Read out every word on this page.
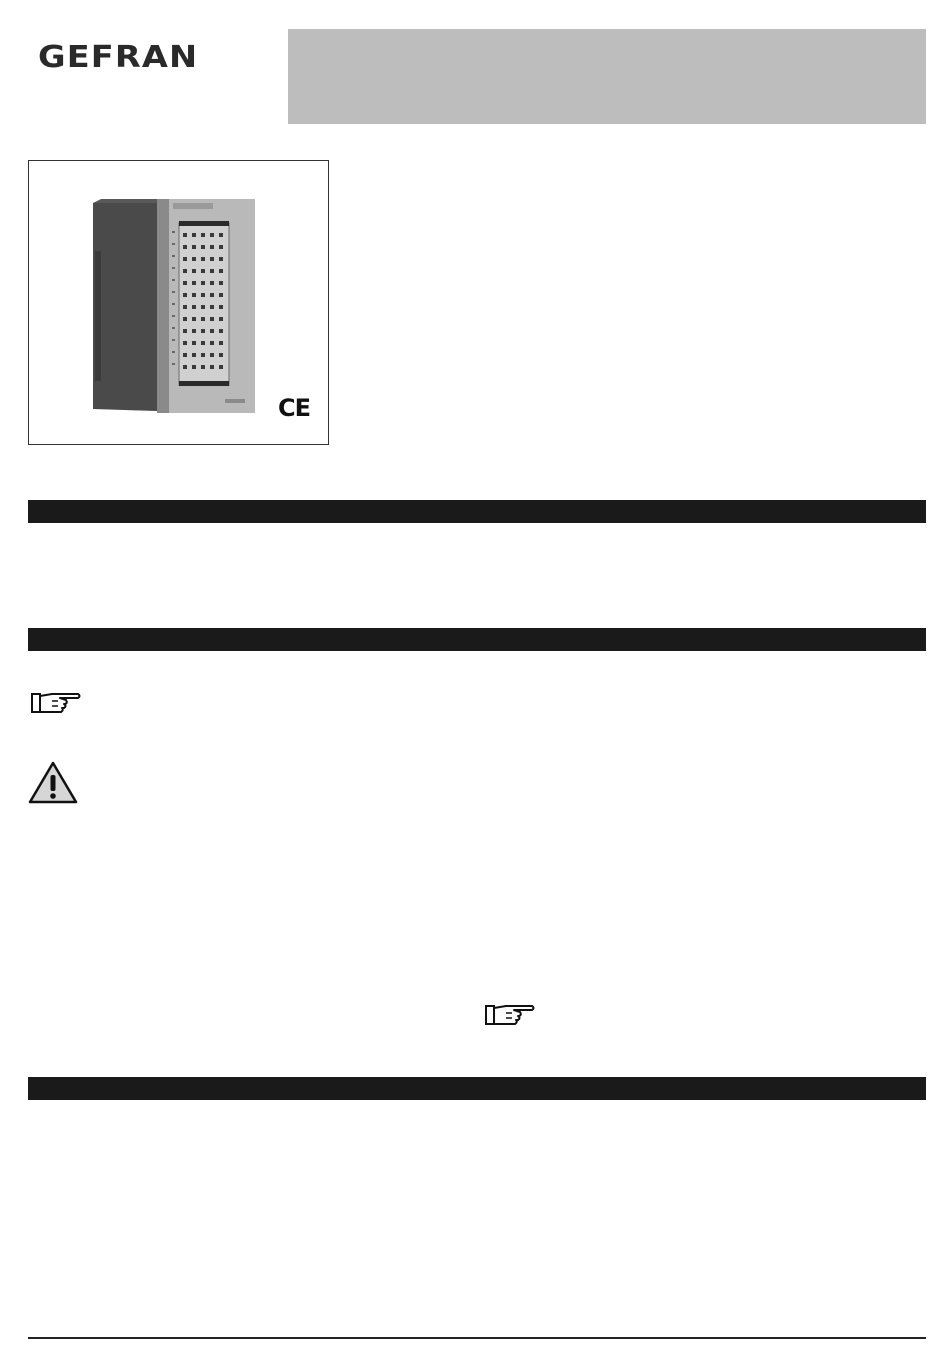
GEFRAN
CE
